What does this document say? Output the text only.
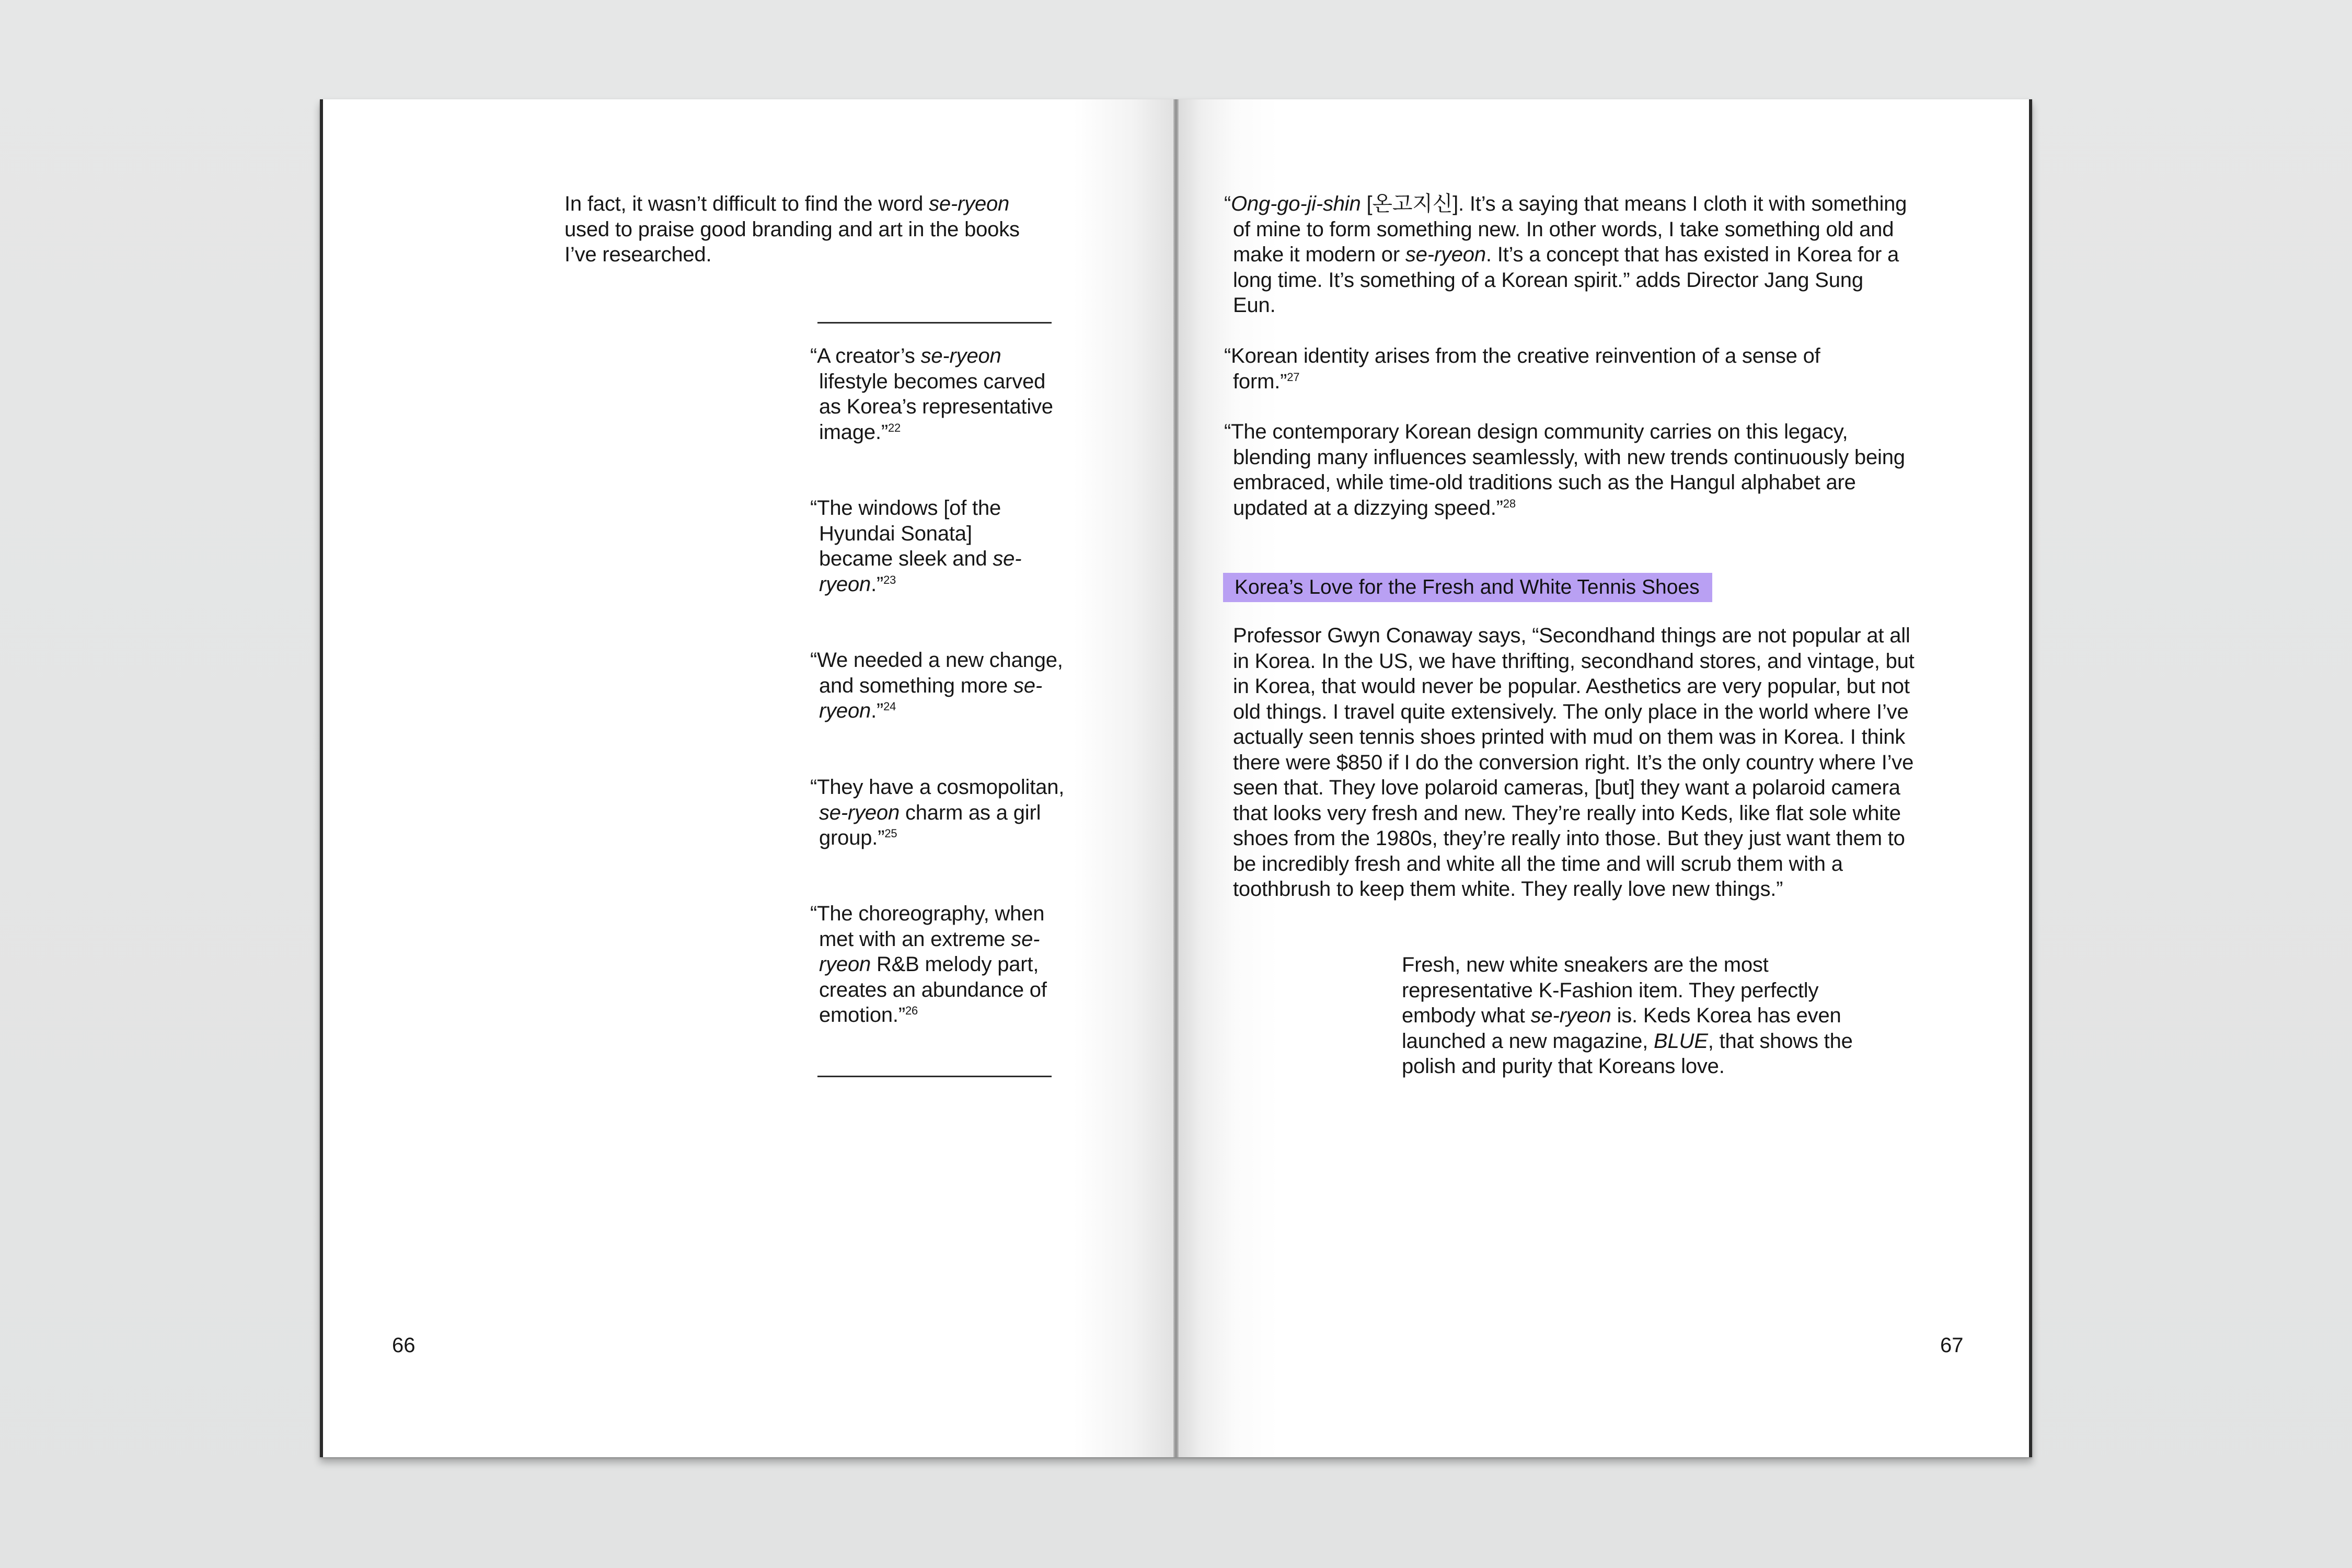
In fact, it wasn’t difficult to find the word se-ryeon
used to praise good branding and art in the books I’ve researched.

“A creator’s se-ryeon lifestyle becomes carved as Korea’s representative image.”$^{22}$

“The windows [of the Hyundai Sonata] became sleek and se-ryeon.”$^{23}$

“We needed a new change, and something more se-ryeon.”$^{24}$

“They have a cosmopolitan, se-ryeon charm as a girl group.”$^{25}$

“The choreography, when met with an extreme se-ryeon R&B melody part, creates an abundance of emotion.”$^{26}$

66

“Ong-go-ji-shin [온고지신]. It’s a saying that means I cloth it with something of mine to form something new. In other words, I take something old and make it modern or se-ryeon. It’s a concept that has existed in Korea for a long time. It’s something of a Korean spirit.” adds Director Jang Sung Eun.

“Korean identity arises from the creative reinvention of a sense of form.”$^{27}$

“The contemporary Korean design community carries on this legacy, blending many influences seamlessly, with new trends continuously being embraced, while time-old traditions such as the Hangul alphabet are updated at a dizzying speed.”$^{28}$

Korea’s Love for the Fresh and White Tennis Shoes

Professor Gwyn Conaway says, “Secondhand things are not popular at all in Korea. In the US, we have thrifting, secondhand stores, and vintage, but in Korea, that would never be popular. Aesthetics are very popular, but not old things. I travel quite extensively. The only place in the world where I’ve actually seen tennis shoes printed with mud on them was in Korea. I think there were $850 if I do the conversion right. It’s the only country where I’ve seen that. They love polaroid cameras, [but] they want a polaroid camera that looks very fresh and new. They’re really into Keds, like flat sole white shoes from the 1980s, they’re really into those. But they just want them to be incredibly fresh and white all the time and will scrub them with a toothbrush to keep them white. They really love new things.”

Fresh, new white sneakers are the most representative K-Fashion item. They perfectly embody what se-ryeon is. Keds Korea has even launched a new magazine, BLUE, that shows the polish and purity that Koreans love.

67
